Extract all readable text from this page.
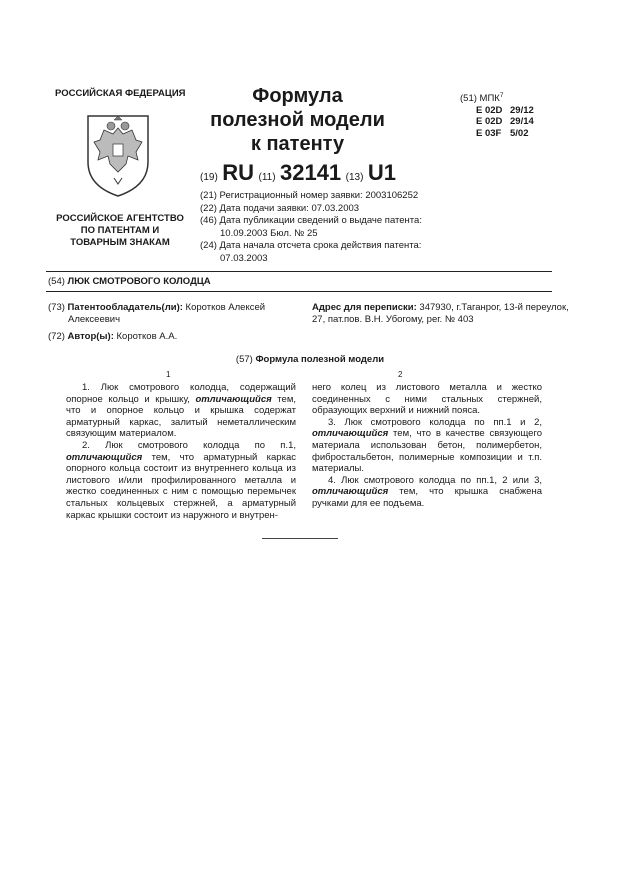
РОССИЙСКАЯ ФЕДЕРАЦИЯ
РОССИЙСКОЕ АГЕНТСТВО
ПО ПАТЕНТАМ И
ТОВАРНЫМ ЗНАКАМ
Формула
полезной модели
к патенту
(51) МПК$^7$
E 02D 29/12
E 02D 29/14
E 03F 5/02
(19) RU (11) 32141 (13) U1
(21) Регистрационный номер заявки: 2003106252
(22) Дата подачи заявки: 07.03.2003
(46) Дата публикации сведений о выдаче патента:
10.09.2003 Бюл. № 25
(24) Дата начала отсчета срока действия патента:
07.03.2003
(54) ЛЮК СМОТРОВОГО КОЛОДЦА
(73) Патентообладатель(ли): Коротков Алексей
Алексеевич
Адрес для переписки: 347930, г.Таганрог, 13-й переулок, 27, пат.пов. В.Н. Убогому, рег. № 403
(72) Автор(ы): Коротков А.А.
(57) Формула полезной модели
1	2

1. Люк смотрового колодца, содержащий опорное кольцо и крышку, отличающийся тем, что и опорное кольцо и крышка содержат арматурный каркас, залитый неметаллическим связующим материалом.

2. Люк смотрового колодца по п.1, отличающийся тем, что арматурный каркас опорного кольца состоит из внутреннего кольца из листового и/или профилированного металла и жестко соединенных с ним с помощью перемычек стальных кольцевых стержней, а арматурный каркас крышки состоит из наружного и внутрен-

него колец из листового металла и жестко соединенных с ними стальных стержней, образующих верхний и нижний пояса.

3. Люк смотрового колодца по пп.1 и 2, отличающийся тем, что в качестве связующего материала использован бетон, полимербетон, фибростальбетон, полимерные композиции и т.п. материалы.

4. Люк смотрового колодца по пп.1, 2 или 3, отличающийся тем, что крышка снабжена ручками для ее подъема.
